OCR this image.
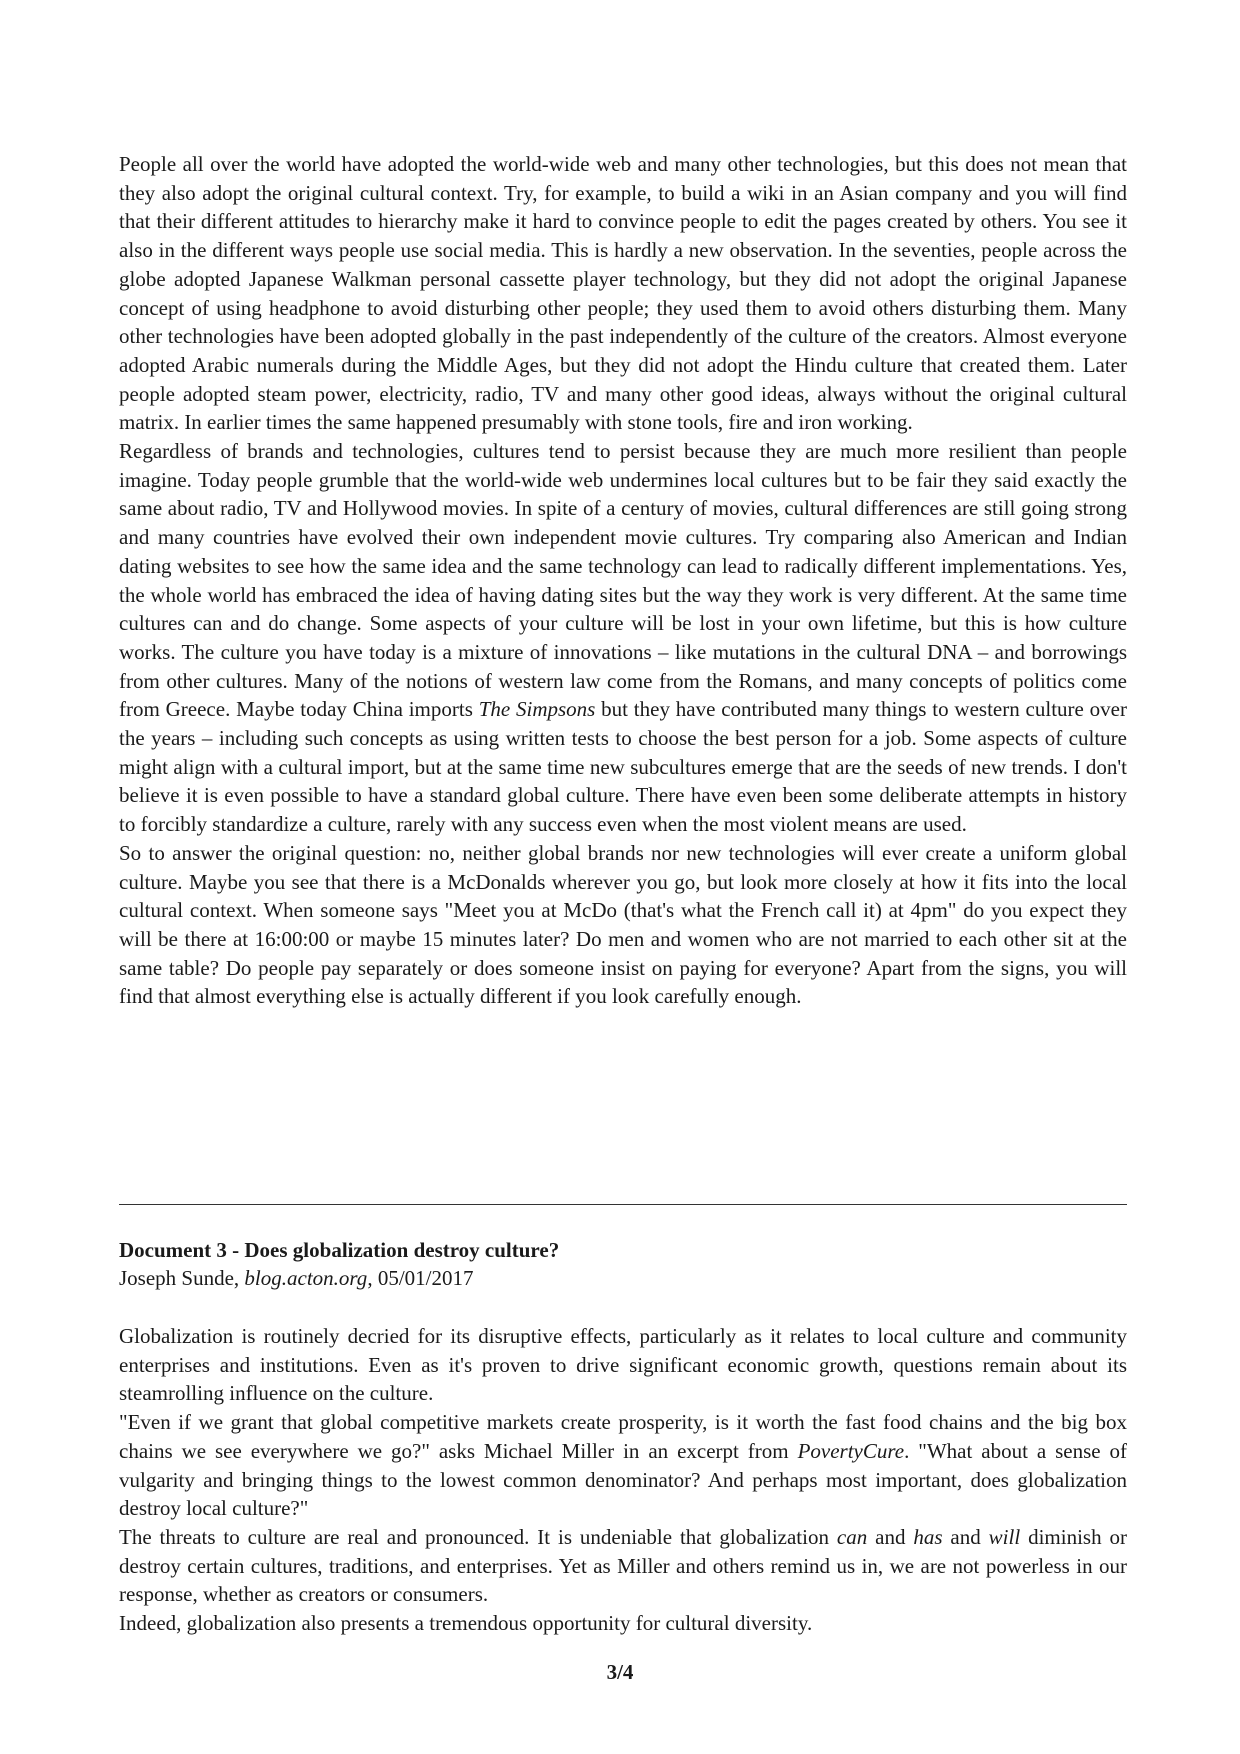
People all over the world have adopted the world-wide web and many other technologies, but this does not mean that they also adopt the original cultural context. Try, for example, to build a wiki in an Asian company and you will find that their different attitudes to hierarchy make it hard to convince people to edit the pages created by others. You see it also in the different ways people use social media. This is hardly a new observation. In the seventies, people across the globe adopted Japanese Walkman personal cassette player technology, but they did not adopt the original Japanese concept of using headphone to avoid disturbing other people; they used them to avoid others disturbing them. Many other technologies have been adopted globally in the past independently of the culture of the creators. Almost everyone adopted Arabic numerals during the Middle Ages, but they did not adopt the Hindu culture that created them. Later people adopted steam power, electricity, radio, TV and many other good ideas, always without the original cultural matrix. In earlier times the same happened presumably with stone tools, fire and iron working.

Regardless of brands and technologies, cultures tend to persist because they are much more resilient than people imagine. Today people grumble that the world-wide web undermines local cultures but to be fair they said exactly the same about radio, TV and Hollywood movies. In spite of a century of movies, cultural differences are still going strong and many countries have evolved their own independent movie cultures. Try comparing also American and Indian dating websites to see how the same idea and the same technology can lead to radically different implementations. Yes, the whole world has embraced the idea of having dating sites but the way they work is very different. At the same time cultures can and do change. Some aspects of your culture will be lost in your own lifetime, but this is how culture works. The culture you have today is a mixture of innovations – like mutations in the cultural DNA – and borrowings from other cultures. Many of the notions of western law come from the Romans, and many concepts of politics come from Greece. Maybe today China imports The Simpsons but they have contributed many things to western culture over the years – including such concepts as using written tests to choose the best person for a job. Some aspects of culture might align with a cultural import, but at the same time new subcultures emerge that are the seeds of new trends. I don't believe it is even possible to have a standard global culture. There have even been some deliberate attempts in history to forcibly standardize a culture, rarely with any success even when the most violent means are used.

So to answer the original question: no, neither global brands nor new technologies will ever create a uniform global culture. Maybe you see that there is a McDonalds wherever you go, but look more closely at how it fits into the local cultural context. When someone says "Meet you at McDo (that's what the French call it) at 4pm" do you expect they will be there at 16:00:00 or maybe 15 minutes later? Do men and women who are not married to each other sit at the same table? Do people pay separately or does someone insist on paying for everyone? Apart from the signs, you will find that almost everything else is actually different if you look carefully enough.

Document 3 - Does globalization destroy culture?
Joseph Sunde, blog.acton.org, 05/01/2017

Globalization is routinely decried for its disruptive effects, particularly as it relates to local culture and community enterprises and institutions. Even as it's proven to drive significant economic growth, questions remain about its steamrolling influence on the culture.

"Even if we grant that global competitive markets create prosperity, is it worth the fast food chains and the big box chains we see everywhere we go?" asks Michael Miller in an excerpt from PovertyCure. "What about a sense of vulgarity and bringing things to the lowest common denominator? And perhaps most important, does globalization destroy local culture?"

The threats to culture are real and pronounced. It is undeniable that globalization can and has and will diminish or destroy certain cultures, traditions, and enterprises. Yet as Miller and others remind us in, we are not powerless in our response, whether as creators or consumers.

Indeed, globalization also presents a tremendous opportunity for cultural diversity.

3/4
